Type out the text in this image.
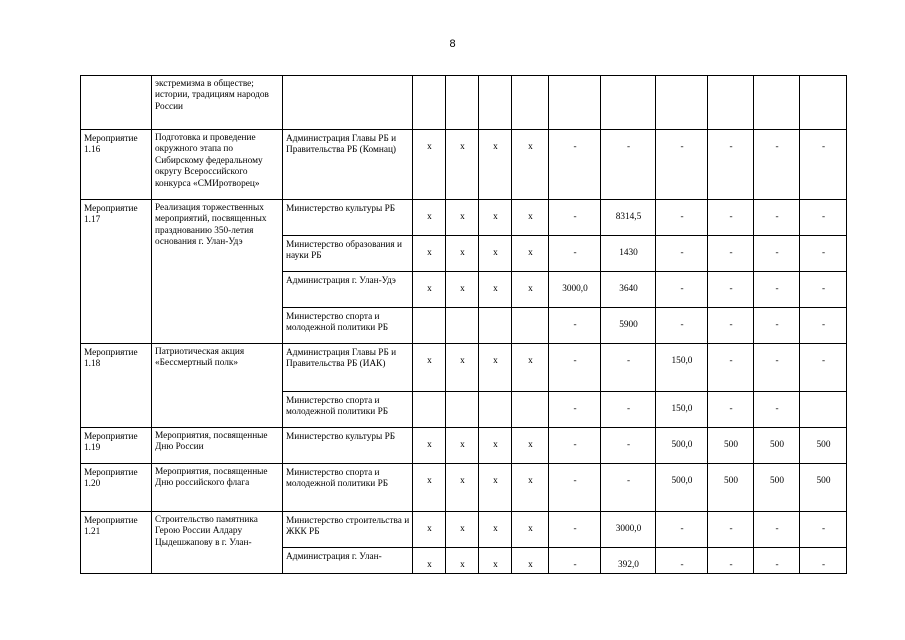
8
	экстремизма в обществе; истории, традициям народов России											
Мероприятие 1.16	Подготовка и проведение окружного этапа по Сибирскому федеральному округу Всероссийского конкурса «СМИротворец»	Администрация Главы РБ и Правительства РБ (Комнац)	х	х	х	х	-	-	-	-	-	-
Мероприятие 1.17	Реализация торжественных мероприятий, посвященных празднованию 350-летия основания г. Улан-Удэ	Министерство культуры РБ	х	х	х	х	-	8314,5	-	-	-	-
		Министерство образования и науки РБ	х	х	х	х	-	1430	-	-	-	-
		Администрация г. Улан-Удэ	х	х	х	х	3000,0	3640	-	-	-	-
		Министерство спорта и молодежной политики РБ					-	5900	-	-	-	-
Мероприятие 1.18	Патриотическая акция «Бессмертный полк»	Администрация Главы РБ и Правительства РБ (ИАК)	х	х	х	х	-	-	150,0	-	-	-
		Министерство спорта и молодежной политики РБ					-	-	150,0	-	-	
Мероприятие 1.19	Мероприятия, посвященные Дню России	Министерство культуры РБ	х	х	х	х	-	-	500,0	500	500	500
Мероприятие 1.20	Мероприятия, посвященные Дню российского флага	Министерство спорта и молодежной политики РБ	х	х	х	х	-	-	500,0	500	500	500
Мероприятие 1.21	Строительство памятника Герою России Алдару Цыдешжапову в г. Улан-	Министерство строительства и ЖКК РБ	х	х	х	х	-	3000,0	-	-	-	-
		Администрация г. Улан-	х	х	х	х	-	392,0	-	-	-	-
